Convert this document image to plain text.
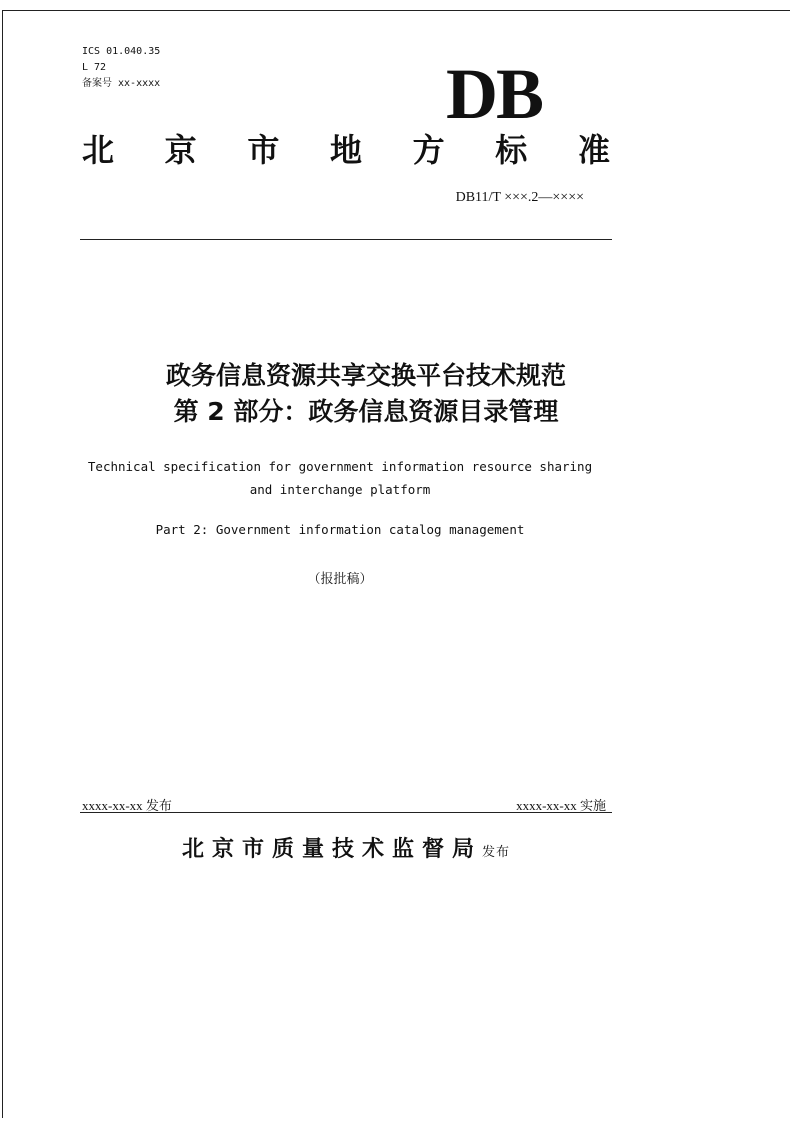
ICS 01.040.35
L 72
备案号 xx-xxxx	DB
北 京 市 地 方 标 准
DB11/T ×××.2—××××
政务信息资源共享交换平台技术规范
第 2 部分：政务信息资源目录管理
Technical specification for government information resource sharing
and interchange platform
Part 2: Government information catalog management
（报批稿）
xxxx-xx-xx 发布	xxxx-xx-xx 实施
北京市质量技术监督局发布
